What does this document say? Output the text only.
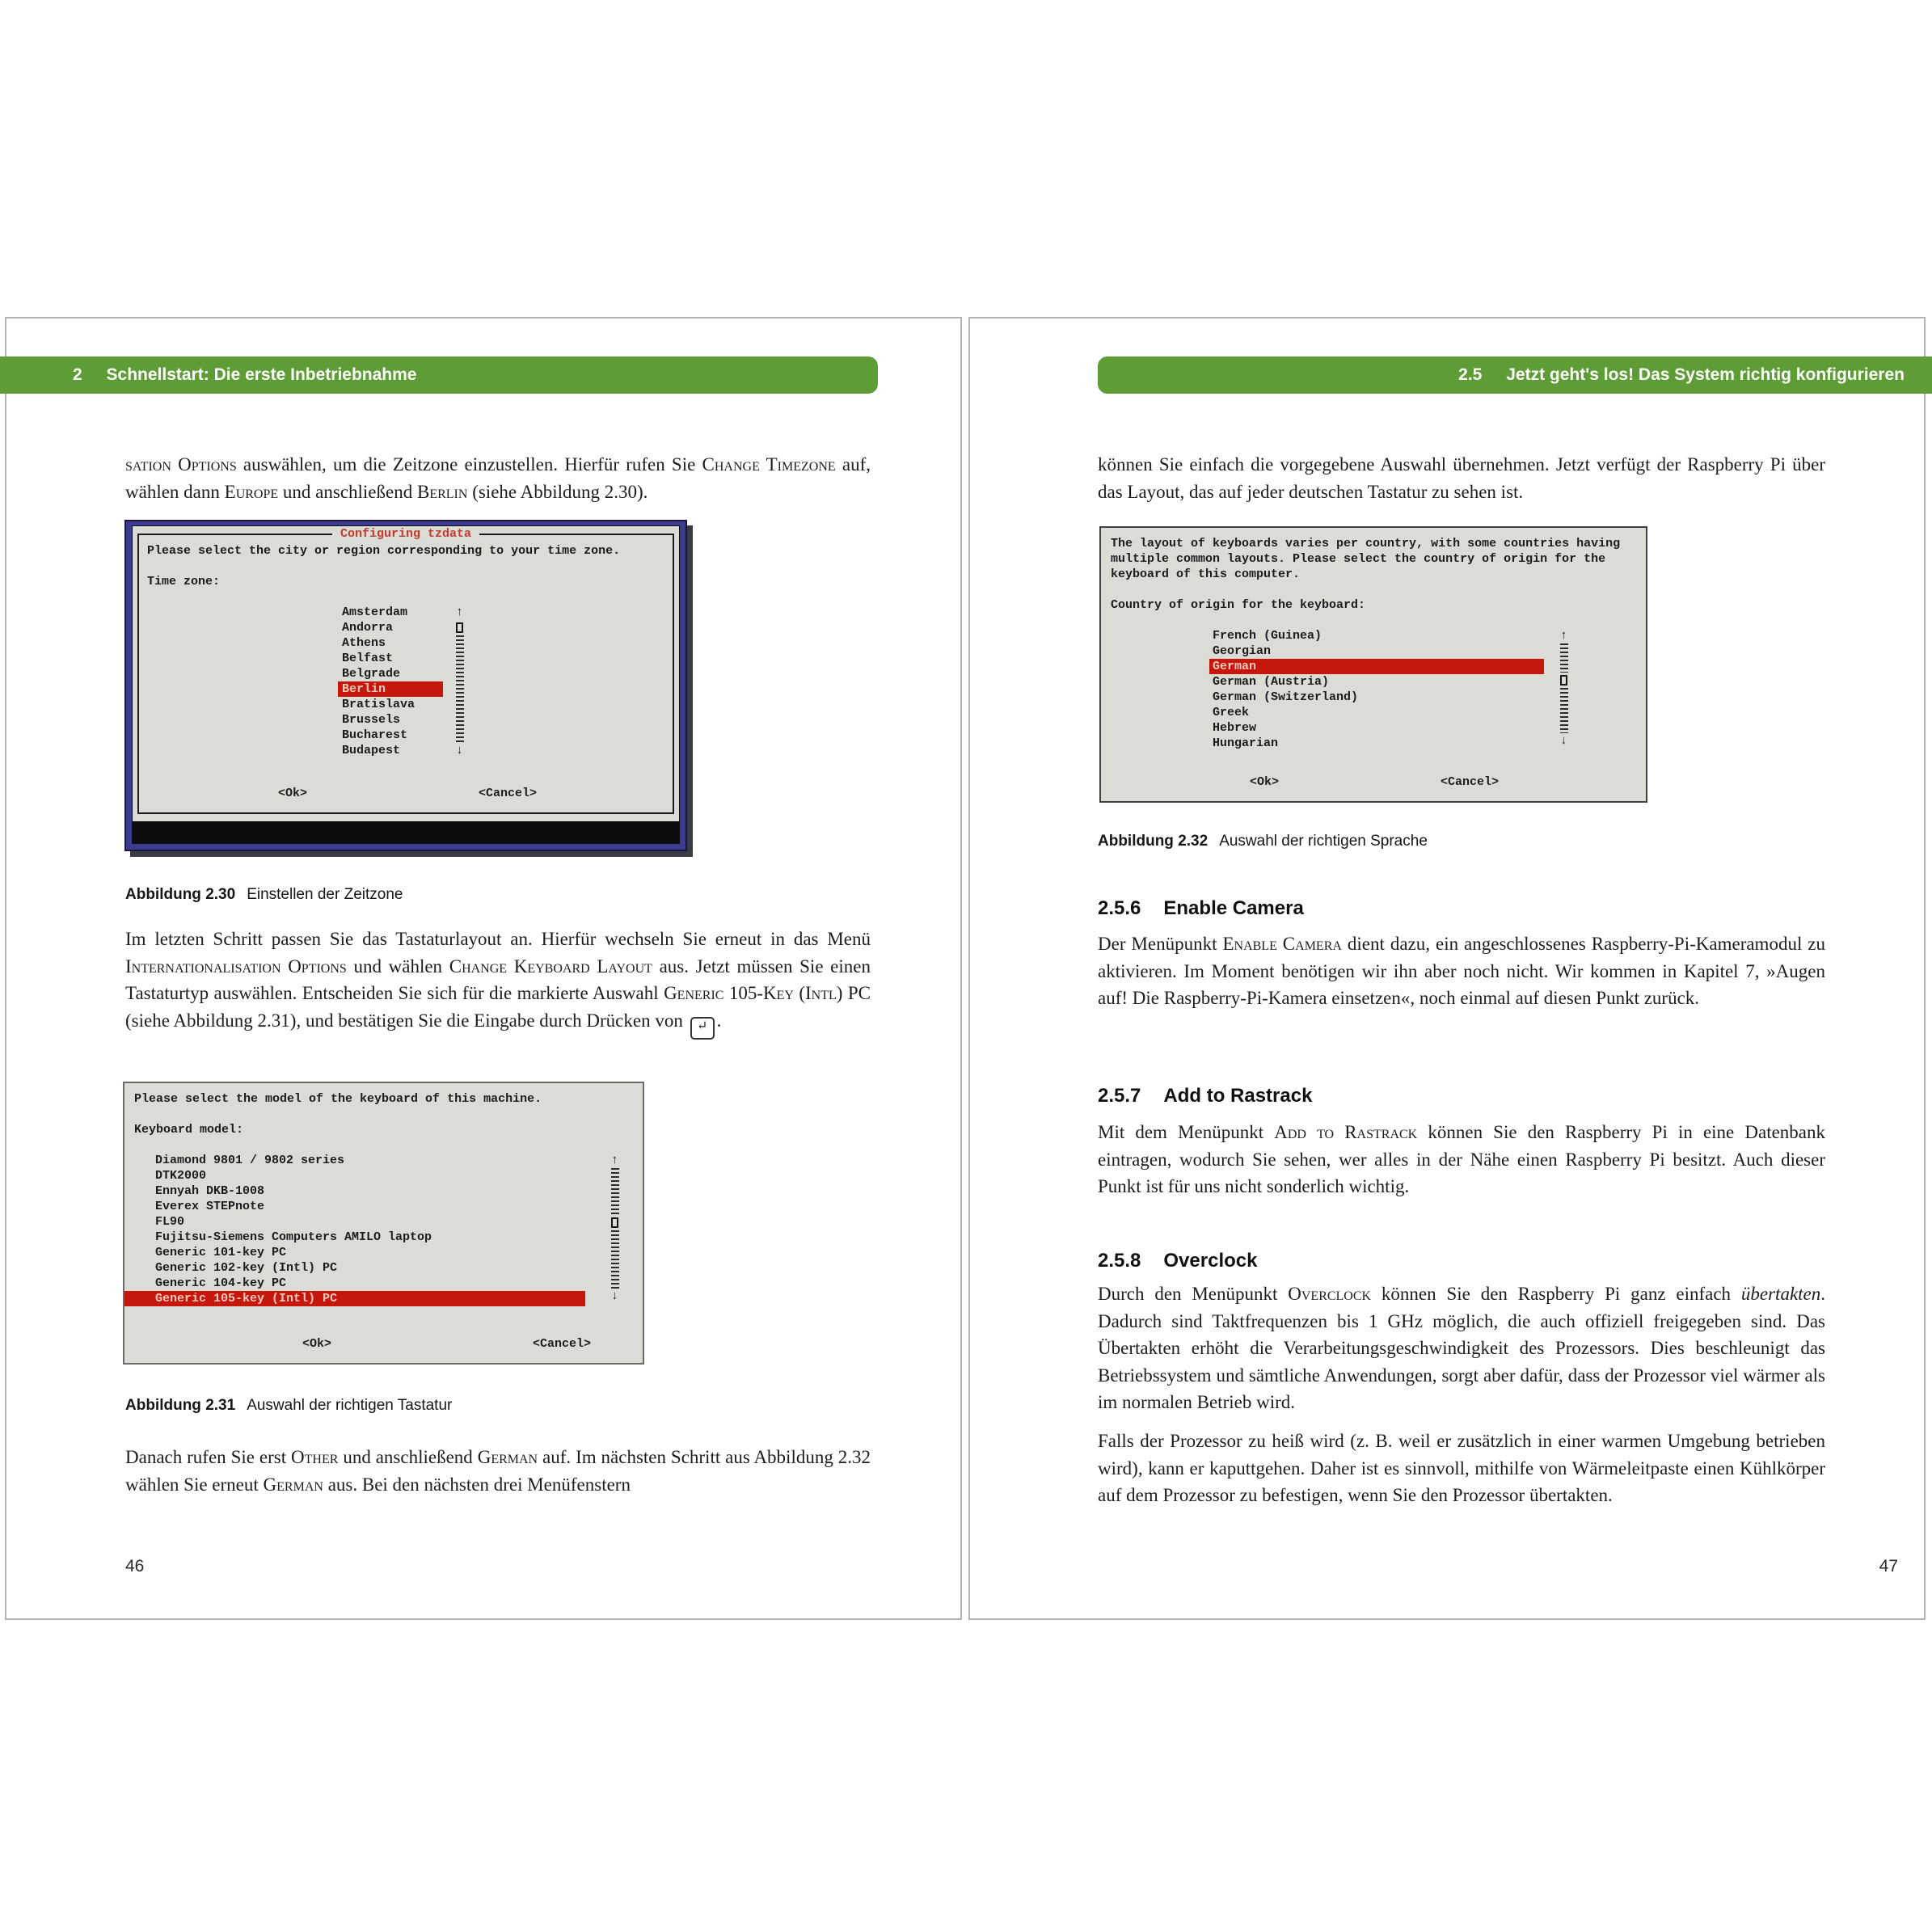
2 Schnellstart: Die erste Inbetriebnahme

sation Options auswählen, um die Zeitzone einzustellen. Hierfür rufen Sie Change Timezone auf, wählen dann Europe und anschließend Berlin (siehe Abbildung 2.30).

Configuring tzdata
Please select the city or region corresponding to your time zone.
Time zone:
Amsterdam
Andorra
Athens
Belfast
Belgrade
Berlin
Bratislava
Brussels
Bucharest
Budapest
↑
↓
<Ok>	<Cancel>
Abbildung 2.30 Einstellen der Zeitzone

Im letzten Schritt passen Sie das Tastaturlayout an. Hierfür wechseln Sie erneut in das Menü Internationalisation Options und wählen Change Keyboard Layout aus. Jetzt müssen Sie einen Tastaturtyp auswählen. Entscheiden Sie sich für die markierte Auswahl Generic 105-Key (Intl) PC (siehe Abbildung 2.31), und bestätigen Sie die Eingabe durch Drücken von ↵ .

Please select the model of the keyboard of this machine.
Keyboard model:
Diamond 9801 / 9802 series
DTK2000
Ennyah DKB-1008
Everex STEPnote
FL90
Fujitsu-Siemens Computers AMILO laptop
Generic 101-key PC
Generic 102-key (Intl) PC
Generic 104-key PC
Generic 105-key (Intl) PC
↑
↓
<Ok>	<Cancel>
Abbildung 2.31 Auswahl der richtigen Tastatur

Danach rufen Sie erst Other und anschließend German auf. Im nächsten Schritt aus Abbildung 2.32 wählen Sie erneut German aus. Bei den nächsten drei Menüfenstern

46
2.5 Jetzt geht's los! Das System richtig konfigurieren

können Sie einfach die vorgegebene Auswahl übernehmen. Jetzt verfügt der Raspberry Pi über das Layout, das auf jeder deutschen Tastatur zu sehen ist.

The layout of keyboards varies per country, with some countries having multiple common layouts. Please select the country of origin for the keyboard of this computer.
Country of origin for the keyboard:
French (Guinea)
Georgian
German
German (Austria)
German (Switzerland)
Greek
Hebrew
Hungarian
↑
↓
<Ok>	<Cancel>
Abbildung 2.32 Auswahl der richtigen Sprache
2.5.6 Enable Camera

Der Menüpunkt Enable Camera dient dazu, ein angeschlossenes Raspberry-Pi-Kameramodul zu aktivieren. Im Moment benötigen wir ihn aber noch nicht. Wir kommen in Kapitel 7, »Augen auf! Die Raspberry-Pi-Kamera einsetzen«, noch einmal auf diesen Punkt zurück.

2.5.7 Add to Rastrack

Mit dem Menüpunkt Add to Rastrack können Sie den Raspberry Pi in eine Datenbank eintragen, wodurch Sie sehen, wer alles in der Nähe einen Raspberry Pi besitzt. Auch dieser Punkt ist für uns nicht sonderlich wichtig.

2.5.8 Overclock

Durch den Menüpunkt Overclock können Sie den Raspberry Pi ganz einfach übertakten. Dadurch sind Taktfrequenzen bis 1 GHz möglich, die auch offiziell freigegeben sind. Das Übertakten erhöht die Verarbeitungsgeschwindigkeit des Prozessors. Dies beschleunigt das Betriebssystem und sämtliche Anwendungen, sorgt aber dafür, dass der Prozessor viel wärmer als im normalen Betrieb wird.

Falls der Prozessor zu heiß wird (z. B. weil er zusätzlich in einer warmen Umgebung betrieben wird), kann er kaputtgehen. Daher ist es sinnvoll, mithilfe von Wärmeleitpaste einen Kühlkörper auf dem Prozessor zu befestigen, wenn Sie den Prozessor übertakten.

47
